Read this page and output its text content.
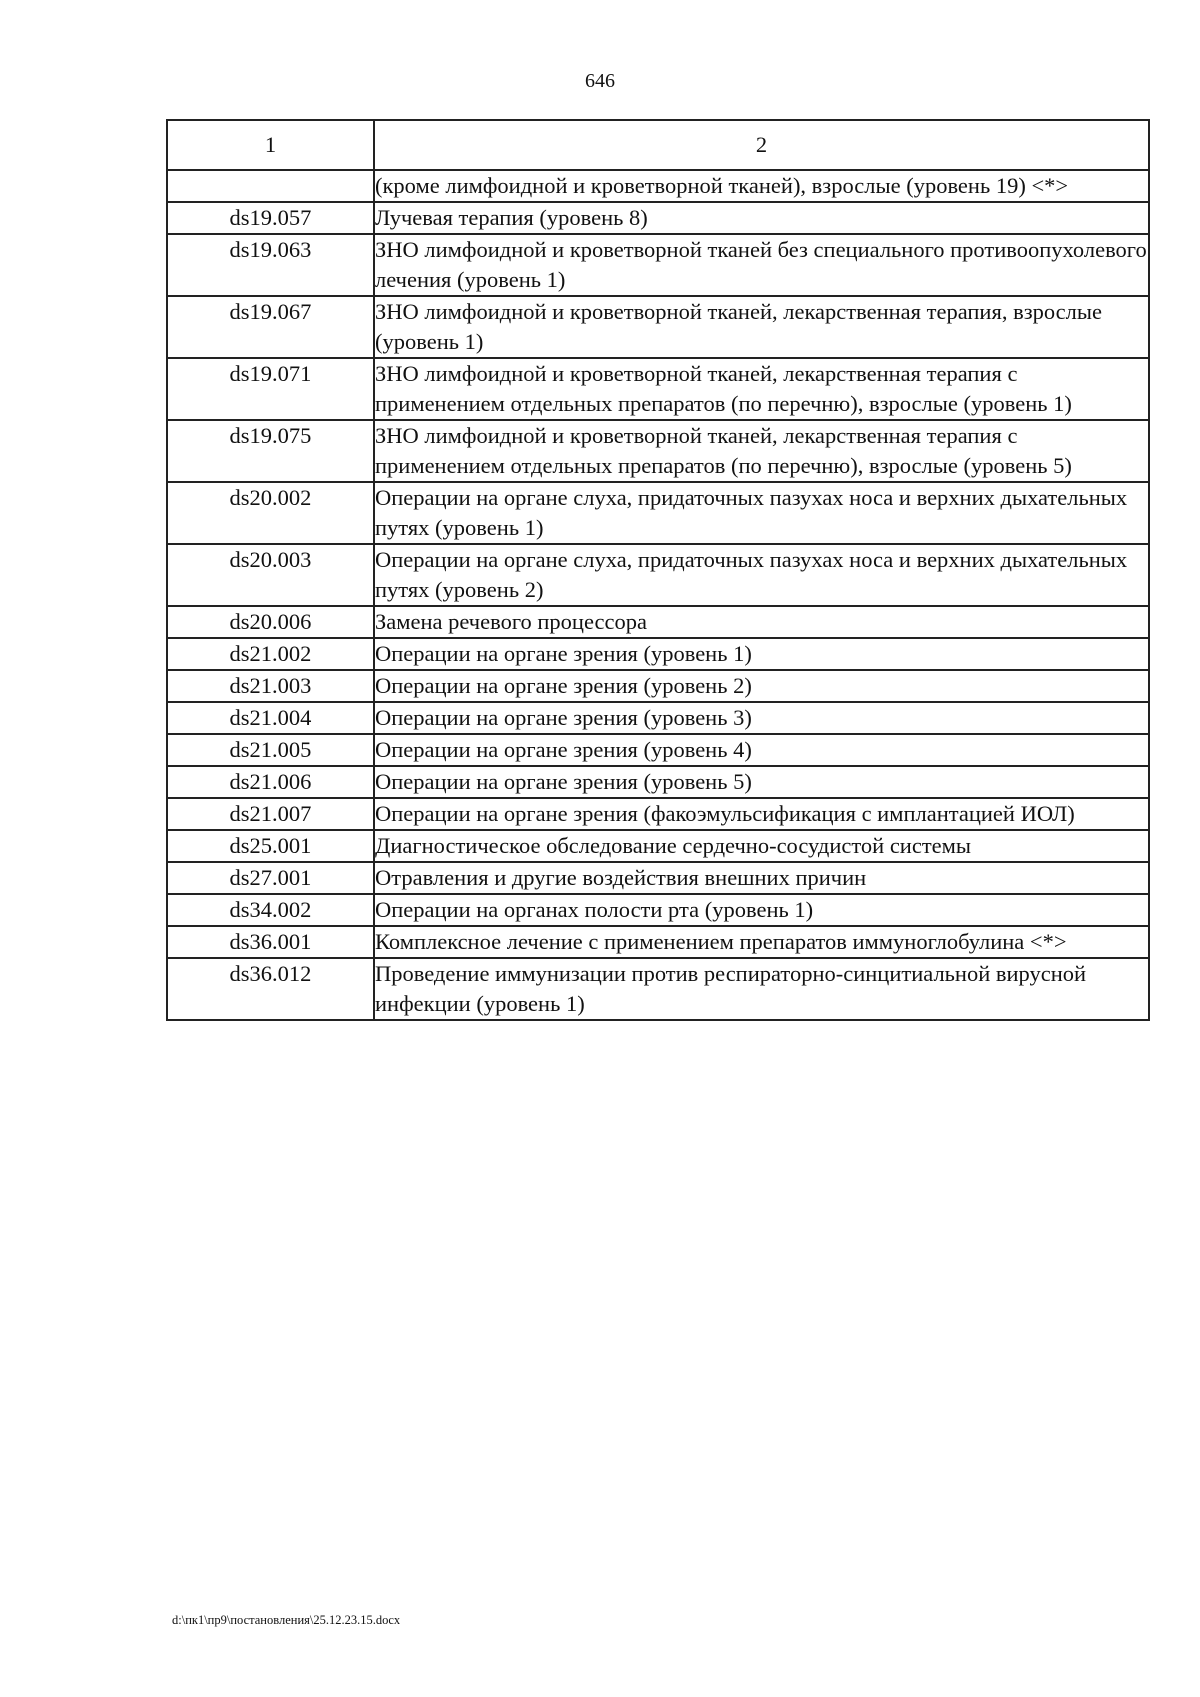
646
1	2
	(кроме лимфоидной и кроветворной тканей), взрослые (уровень 19) <*>
ds19.057	Лучевая терапия (уровень 8)
ds19.063	ЗНО лимфоидной и кроветворной тканей без специального противоопухолевого лечения (уровень 1)
ds19.067	ЗНО лимфоидной и кроветворной тканей, лекарственная терапия, взрослые (уровень 1)
ds19.071	ЗНО лимфоидной и кроветворной тканей, лекарственная терапия с применением отдельных препаратов (по перечню), взрослые (уровень 1)
ds19.075	ЗНО лимфоидной и кроветворной тканей, лекарственная терапия с применением отдельных препаратов (по перечню), взрослые (уровень 5)
ds20.002	Операции на органе слуха, придаточных пазухах носа и верхних дыхательных путях (уровень 1)
ds20.003	Операции на органе слуха, придаточных пазухах носа и верхних дыхательных путях (уровень 2)
ds20.006	Замена речевого процессора
ds21.002	Операции на органе зрения (уровень 1)
ds21.003	Операции на органе зрения (уровень 2)
ds21.004	Операции на органе зрения (уровень 3)
ds21.005	Операции на органе зрения (уровень 4)
ds21.006	Операции на органе зрения (уровень 5)
ds21.007	Операции на органе зрения (факоэмульсификация с имплантацией ИОЛ)
ds25.001	Диагностическое обследование сердечно-сосудистой системы
ds27.001	Отравления и другие воздействия внешних причин
ds34.002	Операции на органах полости рта (уровень 1)
ds36.001	Комплексное лечение с применением препаратов иммуноглобулина <*>
ds36.012	Проведение иммунизации против респираторно-синцитиальной вирусной инфекции (уровень 1)
d:\пк1\пр9\постановления\25.12.23.15.docx
